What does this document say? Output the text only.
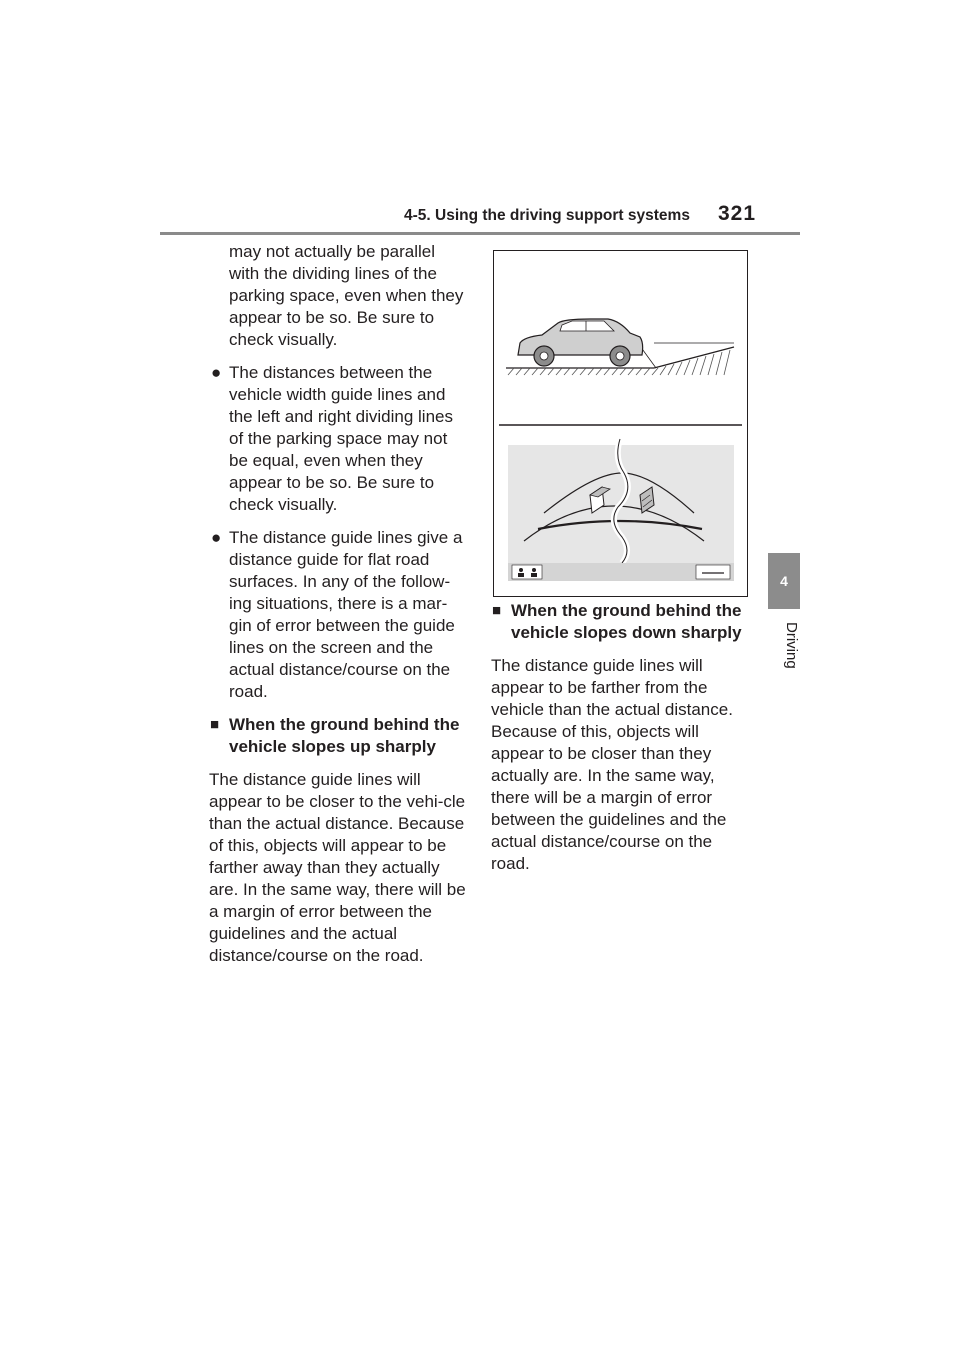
4-5. Using the driving support systems 321
4
Driving

may not actually be parallel with the dividing lines of the parking space, even when they appear to be so. Be sure to check visually.

● The distances between the vehicle width guide lines and the left and right dividing lines of the parking space may not be equal, even when they appear to be so. Be sure to check visually.
● The distance guide lines give a distance guide for flat road surfaces. In any of the follow-ing situations, there is a mar-gin of error between the guide lines on the screen and the actual distance/course on the road.
■ When the ground behind the vehicle slopes up sharply

The distance guide lines will appear to be closer to the vehi-cle than the actual distance. Because of this, objects will appear to be farther away than they actually are. In the same way, there will be a margin of error between the guidelines and the actual distance/course on the road.

■ When the ground behind the vehicle slopes down sharply

The distance guide lines will appear to be farther from the vehicle than the actual distance. Because of this, objects will appear to be closer than they actually are. In the same way, there will be a margin of error between the guidelines and the actual distance/course on the road.
